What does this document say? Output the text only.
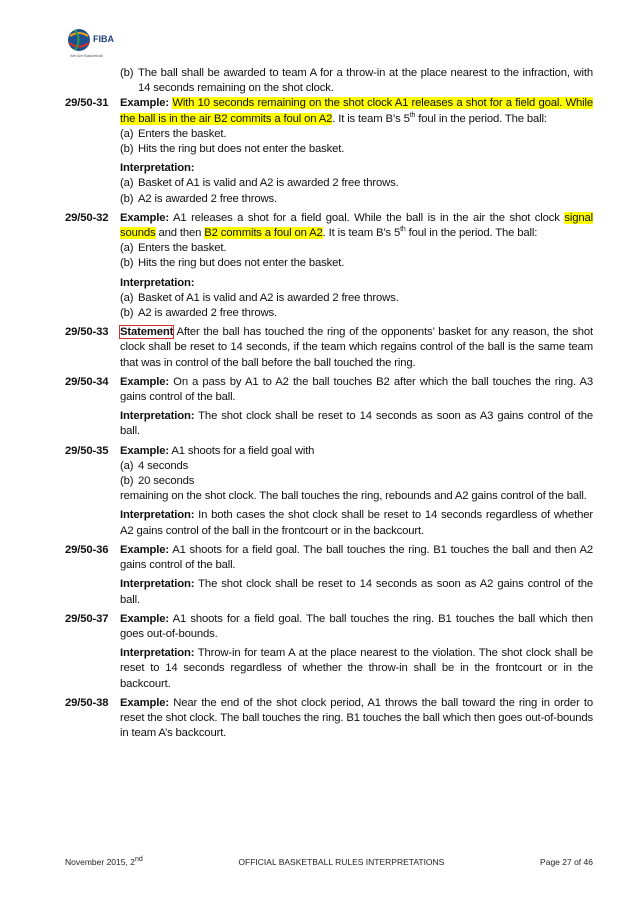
FIBA
We Are Basketball
(b) The ball shall be awarded to team A for a throw-in at the place nearest to the infraction, with 14 seconds remaining on the shot clock.
29/50-31	Example: With 10 seconds remaining on the shot clock A1 releases a shot for a field goal. While the ball is in the air B2 commits a foul on A2. It is team B’s 5th foul in the period. The ball:
(a) Enters the basket.
(b) Hits the ring but does not enter the basket.
Interpretation:
(a) Basket of A1 is valid and A2 is awarded 2 free throws.
(b) A2 is awarded 2 free throws.
29/50-32	Example: A1 releases a shot for a field goal. While the ball is in the air the shot clock signal sounds and then B2 commits a foul on A2. It is team B’s 5th foul in the period. The ball:
(a) Enters the basket.
(b) Hits the ring but does not enter the basket.
Interpretation:
(a) Basket of A1 is valid and A2 is awarded 2 free throws.
(b) A2 is awarded 2 free throws.
29/50-33	Statement After the ball has touched the ring of the opponents’ basket for any reason, the shot clock shall be reset to 14 seconds, if the team which regains control of the ball is the same team that was in control of the ball before the ball touched the ring.
29/50-34	Example: On a pass by A1 to A2 the ball touches B2 after which the ball touches the ring. A3 gains control of the ball.
Interpretation: The shot clock shall be reset to 14 seconds as soon as A3 gains control of the ball.
29/50-35	Example: A1 shoots for a field goal with
(a) 4 seconds
(b) 20 seconds
remaining on the shot clock. The ball touches the ring, rebounds and A2 gains control of the ball.
Interpretation: In both cases the shot clock shall be reset to 14 seconds regardless of whether A2 gains control of the ball in the frontcourt or in the backcourt.
29/50-36	Example: A1 shoots for a field goal. The ball touches the ring. B1 touches the ball and then A2 gains control of the ball.
Interpretation: The shot clock shall be reset to 14 seconds as soon as A2 gains control of the ball.
29/50-37	Example: A1 shoots for a field goal. The ball touches the ring. B1 touches the ball which then goes out-of-bounds.
Interpretation: Throw-in for team A at the place nearest to the violation. The shot clock shall be reset to 14 seconds regardless of whether the throw-in shall be in the frontcourt or in the backcourt.
29/50-38	Example: Near the end of the shot clock period, A1 throws the ball toward the ring in order to reset the shot clock. The ball touches the ring. B1 touches the ball which then goes out-of-bounds in team A’s backcourt.
November 2015, 2nd	OFFICIAL BASKETBALL RULES INTERPRETATIONS	Page 27 of 46
